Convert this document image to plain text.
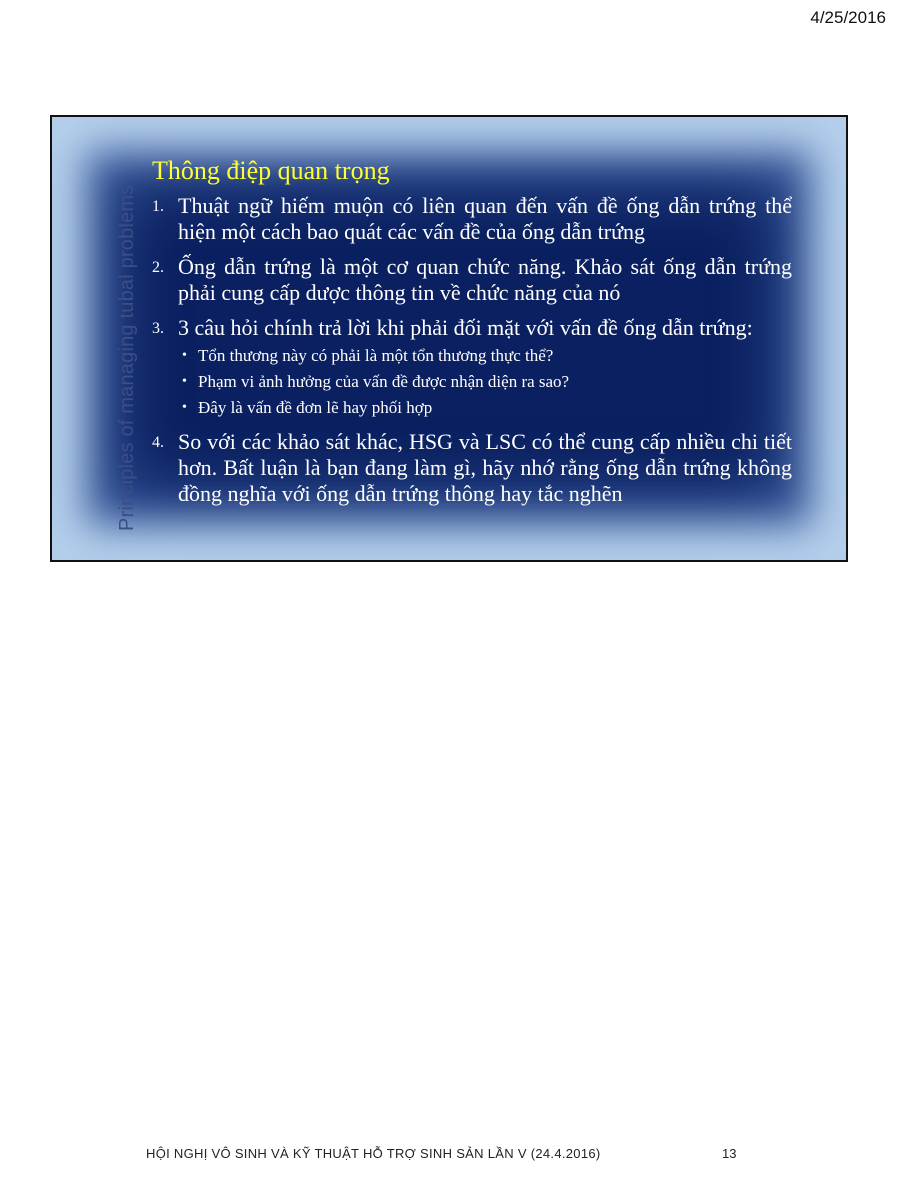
4/25/2016
Principles of managing tubal problems
Thông điệp quan trọng
1. Thuật ngữ hiếm muộn có liên quan đến vấn đề ống dẫn trứng thể hiện một cách bao quát các vấn đề của ống dẫn trứng
2. Ống dẫn trứng là một cơ quan chức năng. Khảo sát ống dẫn trứng phải cung cấp dược thông tin về chức năng của nó
3. 3 câu hỏi chính trả lời khi phải đối mặt với vấn đề ống dẫn trứng:
• Tổn thương này có phải là một tổn thương thực thể?
• Phạm vi ảnh hưởng của vấn đề được nhận diện ra sao?
• Đây là vấn đề đơn lẽ hay phối hợp
4. So với các khảo sát khác, HSG và LSC có thể cung cấp nhiều chi tiết hơn. Bất luận là bạn đang làm gì, hãy nhớ rằng ống dẫn trứng không đồng nghĩa với ống dẫn trứng thông hay tắc nghẽn
HỘI NGHỊ VÔ SINH VÀ KỸ THUẬT HỖ TRỢ SINH SẢN LẦN V (24.4.2016)	13
